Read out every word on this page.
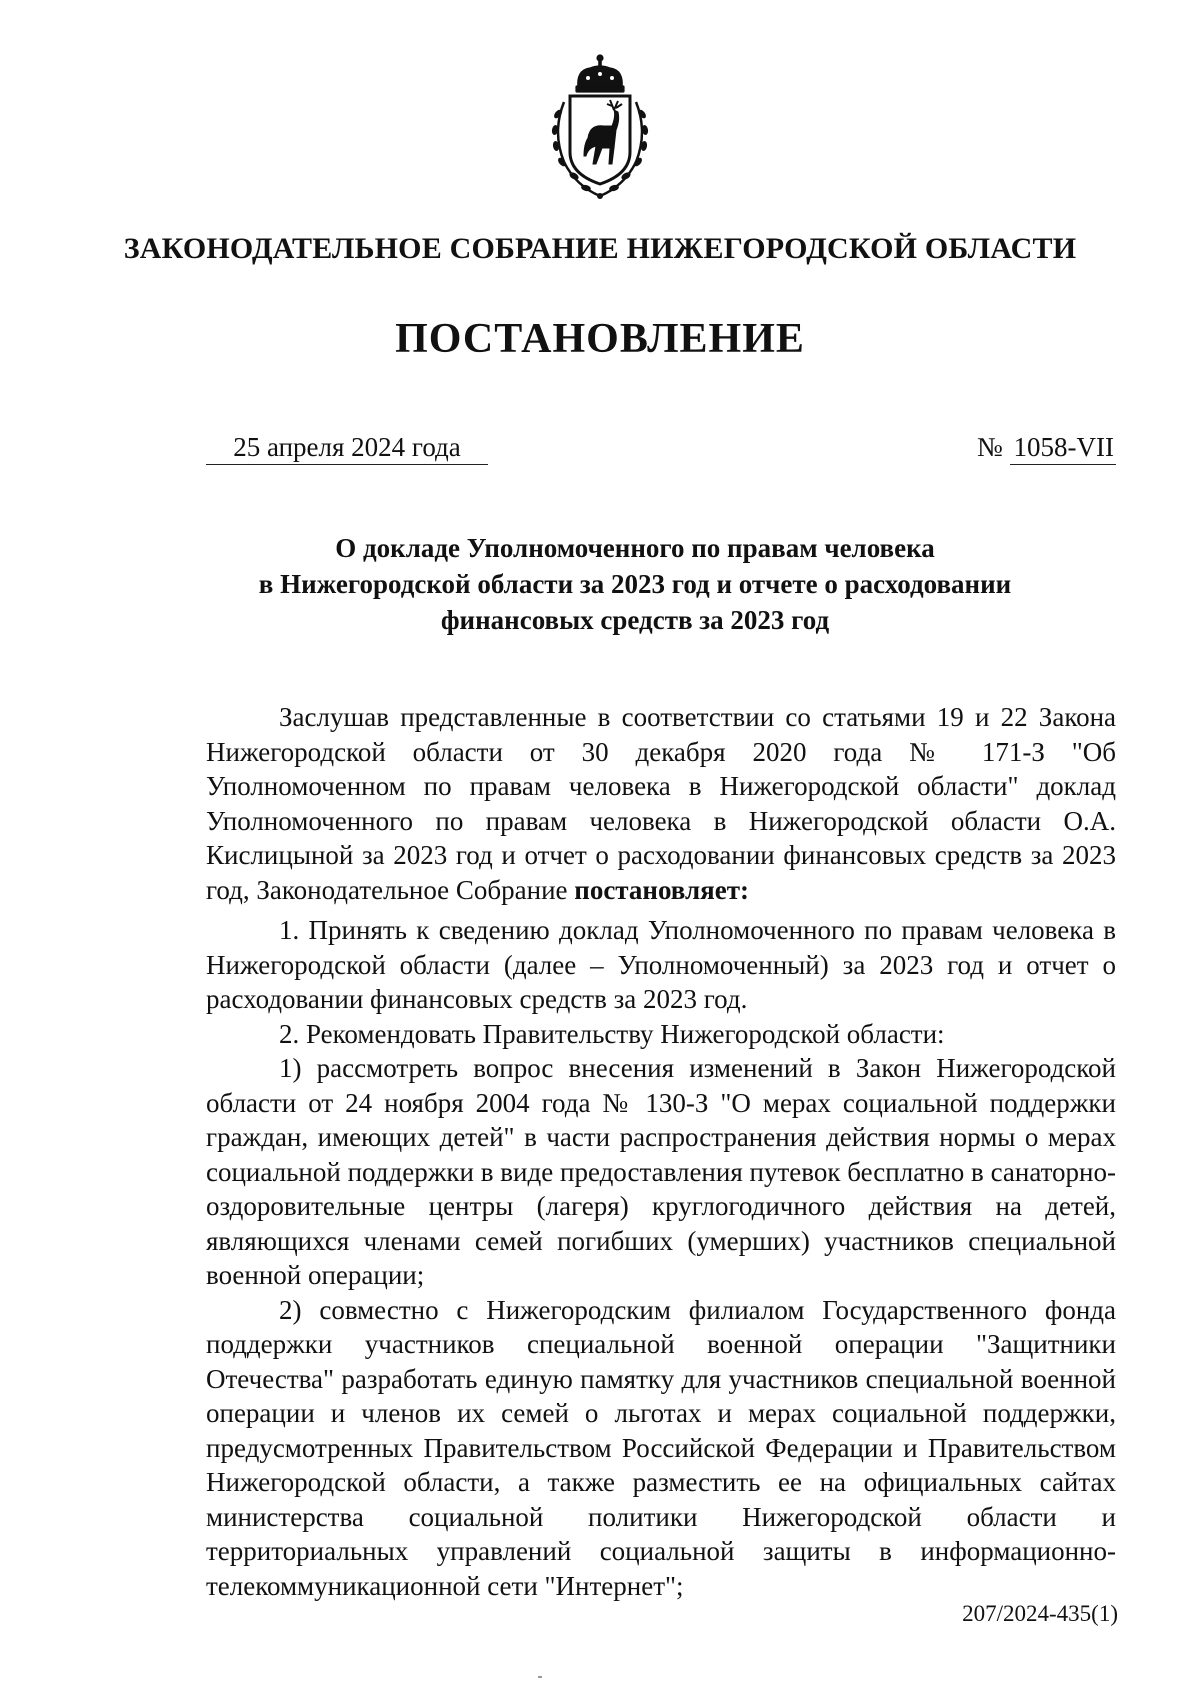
ЗАКОНОДАТЕЛЬНОЕ СОБРАНИЕ НИЖЕГОРОДСКОЙ ОБЛАСТИ
ПОСТАНОВЛЕНИЕ
25 апреля 2024 года	№ 1058-VII
О докладе Уполномоченного по правам человека
в Нижегородской области за 2023 год и отчете о расходовании
финансовых средств за 2023 год

Заслушав представленные в соответствии со статьями 19 и 22 Закона Нижегородской области от 30 декабря 2020 года № 171-З "Об Уполномоченном по правам человека в Нижегородской области" доклад Уполномоченного по правам человека в Нижегородской области О.А. Кислицыной за 2023 год и отчет о расходовании финансовых средств за 2023 год, Законодательное Собрание постановляет:

1. Принять к сведению доклад Уполномоченного по правам человека в Нижегородской области (далее – Уполномоченный) за 2023 год и отчет о расходовании финансовых средств за 2023 год.

2. Рекомендовать Правительству Нижегородской области:

1) рассмотреть вопрос внесения изменений в Закон Нижегородской области от 24 ноября 2004 года № 130-З "О мерах социальной поддержки граждан, имеющих детей" в части распространения действия нормы о мерах социальной поддержки в виде предоставления путевок бесплатно в санаторно-оздоровительные центры (лагеря) круглогодичного действия на детей, являющихся членами семей погибших (умерших) участников специальной военной операции;

2) совместно с Нижегородским филиалом Государственного фонда поддержки участников специальной военной операции "Защитники Отечества" разработать единую памятку для участников специальной военной операции и членов их семей о льготах и мерах социальной поддержки, предусмотренных Правительством Российской Федерации и Правительством Нижегородской области, а также разместить ее на официальных сайтах министерства социальной политики Нижегородской области и территориальных управлений социальной защиты в информационно-телекоммуникационной сети "Интернет";

207/2024-435(1)
